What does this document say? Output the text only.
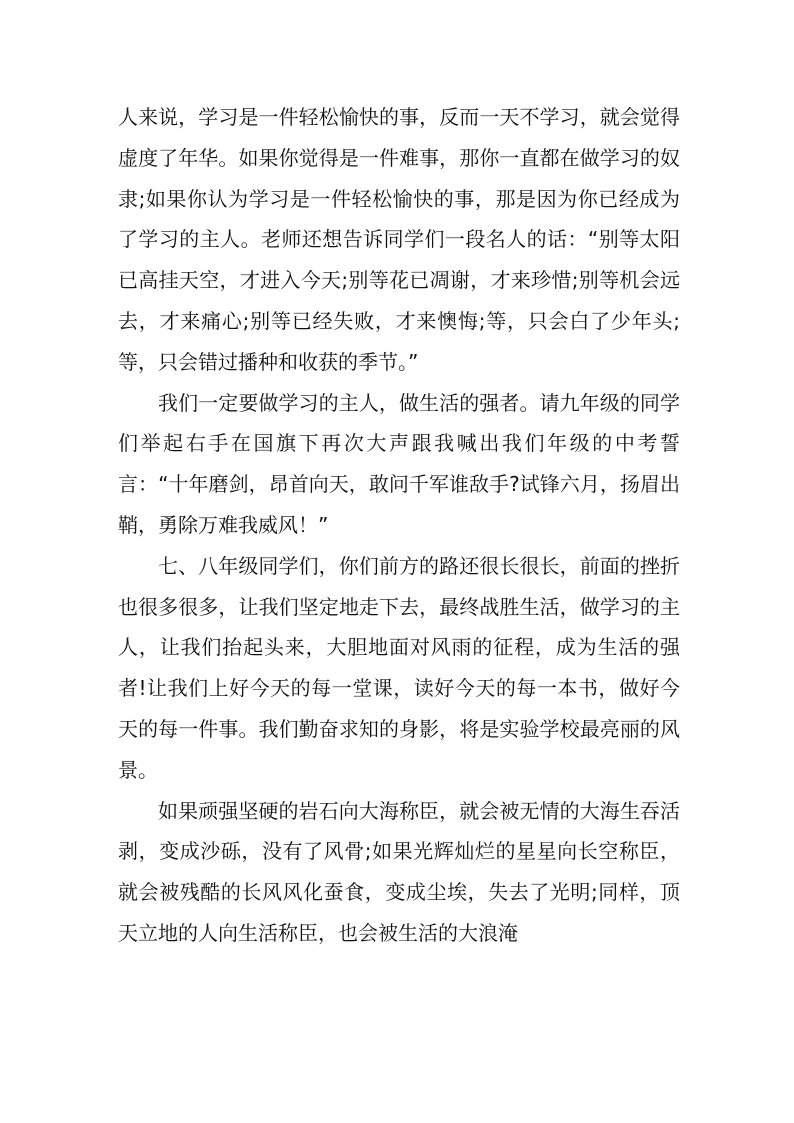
人来说，学习是一件轻松愉快的事，反而一天不学习，就会觉得虚度了年华。如果你觉得是一件难事，那你一直都在做学习的奴隶;如果你认为学习是一件轻松愉快的事，那是因为你已经成为了学习的主人。老师还想告诉同学们一段名人的话：“别等太阳已高挂天空，才进入今天;别等花已凋谢，才来珍惜;别等机会远去，才来痛心;别等已经失败，才来懊悔;等，只会白了少年头;等，只会错过播种和收获的季节。”

我们一定要做学习的主人，做生活的强者。请九年级的同学们举起右手在国旗下再次大声跟我喊出我们年级的中考誓言：“十年磨剑，昂首向天，敢问千军谁敌手?试锋六月，扬眉出鞘，勇除万难我威风！”

七、八年级同学们，你们前方的路还很长很长，前面的挫折也很多很多，让我们坚定地走下去，最终战胜生活，做学习的主人，让我们抬起头来，大胆地面对风雨的征程，成为生活的强者!让我们上好今天的每一堂课，读好今天的每一本书，做好今天的每一件事。我们勤奋求知的身影，将是实验学校最亮丽的风景。

如果顽强坚硬的岩石向大海称臣，就会被无情的大海生吞活剥，变成沙砾，没有了风骨;如果光辉灿烂的星星向长空称臣，就会被残酷的长风风化蚕食，变成尘埃，失去了光明;同样，顶天立地的人向生活称臣，也会被生活的大浪淹
